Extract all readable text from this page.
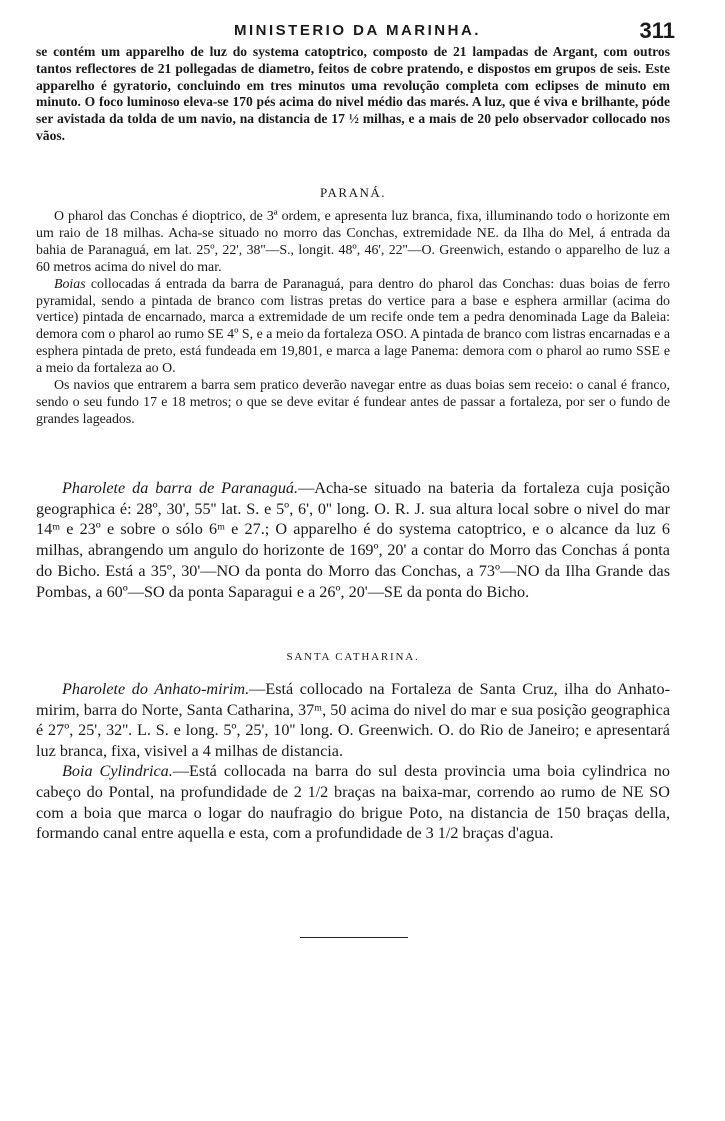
MINISTERIO DA MARINHA.	311

se contém um apparelho de luz do systema catoptrico, composto de 21 lampadas de Argant, com outros tantos reflectores de 21 pollegadas de diametro, feitos de cobre pratendo, e dispostos em grupos de seis. Este apparelho é gyratorio, concluindo em tres minutos uma revolução completa com eclipses de minuto em minuto. O foco luminoso eleva-se 170 pés acima do nivel médio das marés. A luz, que é viva e brilhante, póde ser avistada da tolda de um navio, na distancia de 17 ½ milhas, e a mais de 20 pelo observador collocado nos vãos.

PARANÁ.

O pharol das Conchas é dioptrico, de 3ª ordem, e apresenta luz branca, fixa, illuminando todo o horizonte em um raio de 18 milhas. Acha-se situado no morro das Conchas, extremidade NE. da Ilha do Mel, á entrada da bahia de Paranaguá, em lat. 25º, 22', 38''—S., longit. 48º, 46', 22''—O. Greenwich, estando o apparelho de luz a 60 metros acima do nivel do mar.

Boias collocadas á entrada da barra de Paranaguá, para dentro do pharol das Conchas: duas boias de ferro pyramidal, sendo a pintada de branco com listras pretas do vertice para a base e esphera armillar (acima do vertice) pintada de encarnado, marca a extremidade de um recife onde tem a pedra denominada Lage da Baleia: demora com o pharol ao rumo SE 4º S, e a meio da fortaleza OSO. A pintada de branco com listras encarnadas e a esphera pintada de preto, está fundeada em 19,801, e marca a lage Panema: demora com o pharol ao rumo SSE e a meio da fortaleza ao O.

Os navios que entrarem a barra sem pratico deverão navegar entre as duas boias sem receio: o canal é franco, sendo o seu fundo 17 e 18 metros; o que se deve evitar é fundear antes de passar a fortaleza, por ser o fundo de grandes lageados.

Pharolete da barra de Paranaguá.—Acha-se situado na bateria da fortaleza cuja posição geographica é: 28º, 30', 55'' lat. S. e 5º, 6', 0'' long. O. R. J. sua altura local sobre o nivel do mar 14ᵐ e 23º e sobre o sólo 6ᵐ e 27.; O apparelho é do systema catoptrico, e o alcance da luz 6 milhas, abrangendo um angulo do horizonte de 169º, 20' a contar do Morro das Conchas á ponta do Bicho. Está a 35º, 30'—NO da ponta do Morro das Conchas, a 73º—NO da Ilha Grande das Pombas, a 60º—SO da ponta Saparagui e a 26º, 20'—SE da ponta do Bicho.

SANTA CATHARINA.

Pharolete do Anhato-mirim.—Está collocado na Fortaleza de Santa Cruz, ilha do Anhato-mirim, barra do Norte, Santa Catharina, 37ᵐ, 50 acima do nivel do mar e sua posição geographica é 27º, 25', 32''. L. S. e long. 5º, 25', 10'' long. O. Greenwich. O. do Rio de Janeiro; e apresentará luz branca, fixa, visivel a 4 milhas de distancia.

Boia Cylindrica.—Está collocada na barra do sul desta provincia uma boia cylindrica no cabeço do Pontal, na profundidade de 2 1/2 braças na baixa-mar, correndo ao rumo de NE SO com a boia que marca o logar do naufragio do brigue Poto, na distancia de 150 braças della, formando canal entre aquella e esta, com a profundidade de 3 1/2 braças d'agua.
